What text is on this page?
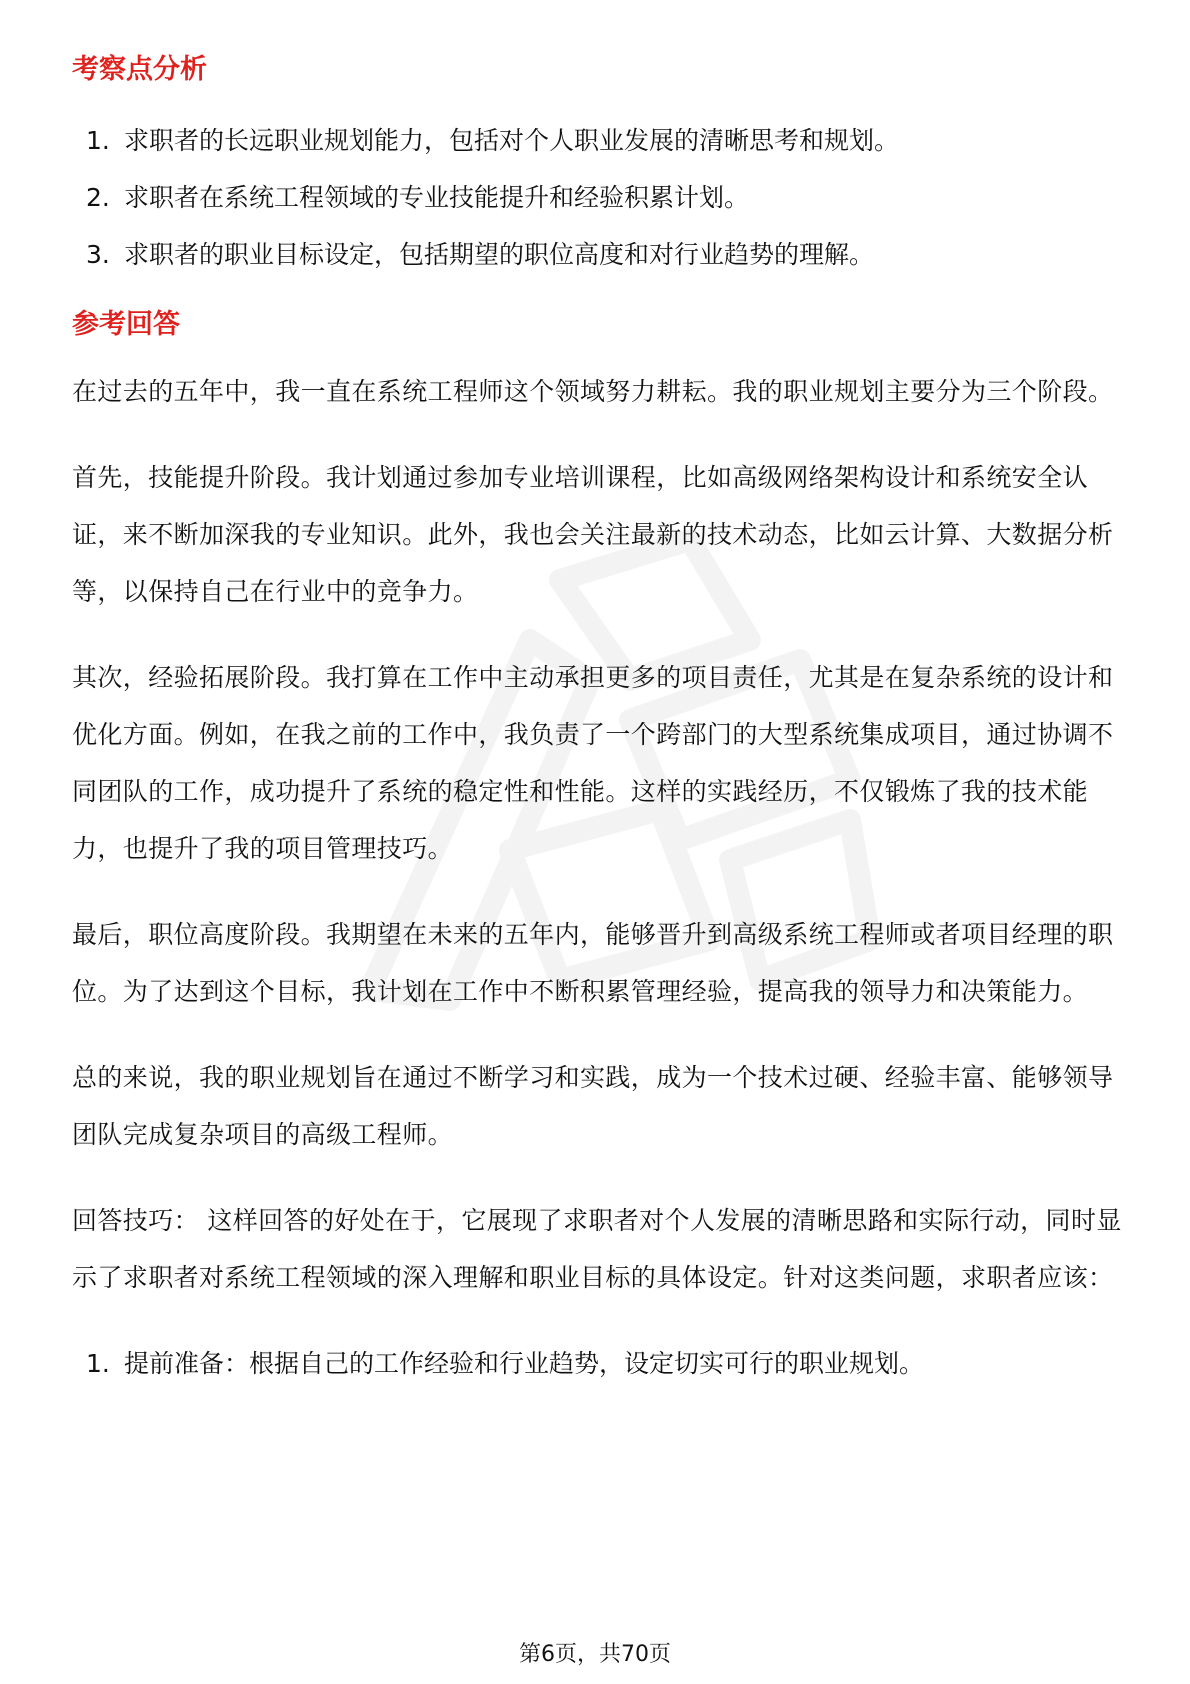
考察点分析
1. 求职者的长远职业规划能力，包括对个人职业发展的清晰思考和规划。
2. 求职者在系统工程领域的专业技能提升和经验积累计划。
3. 求职者的职业目标设定，包括期望的职位高度和对行业趋势的理解。
参考回答

在过去的五年中，我一直在系统工程师这个领域努力耕耘。我的职业规划主要分为三个阶段。

首先，技能提升阶段。我计划通过参加专业培训课程，比如高级网络架构设计和系统安全认证，来不断加深我的专业知识。此外，我也会关注最新的技术动态，比如云计算、大数据分析等，以保持自己在行业中的竞争力。

其次，经验拓展阶段。我打算在工作中主动承担更多的项目责任，尤其是在复杂系统的设计和优化方面。例如，在我之前的工作中，我负责了一个跨部门的大型系统集成项目，通过协调不同团队的工作，成功提升了系统的稳定性和性能。这样的实践经历，不仅锻炼了我的技术能力，也提升了我的项目管理技巧。

最后，职位高度阶段。我期望在未来的五年内，能够晋升到高级系统工程师或者项目经理的职位。为了达到这个目标，我计划在工作中不断积累管理经验，提高我的领导力和决策能力。

总的来说，我的职业规划旨在通过不断学习和实践，成为一个技术过硬、经验丰富、能够领导团队完成复杂项目的高级工程师。

回答技巧： 这样回答的好处在于，它展现了求职者对个人发展的清晰思路和实际行动，同时显示了求职者对系统工程领域的深入理解和职业目标的具体设定。针对这类问题，求职者应该：

1. 提前准备：根据自己的工作经验和行业趋势，设定切实可行的职业规划。
第6页，共70页
